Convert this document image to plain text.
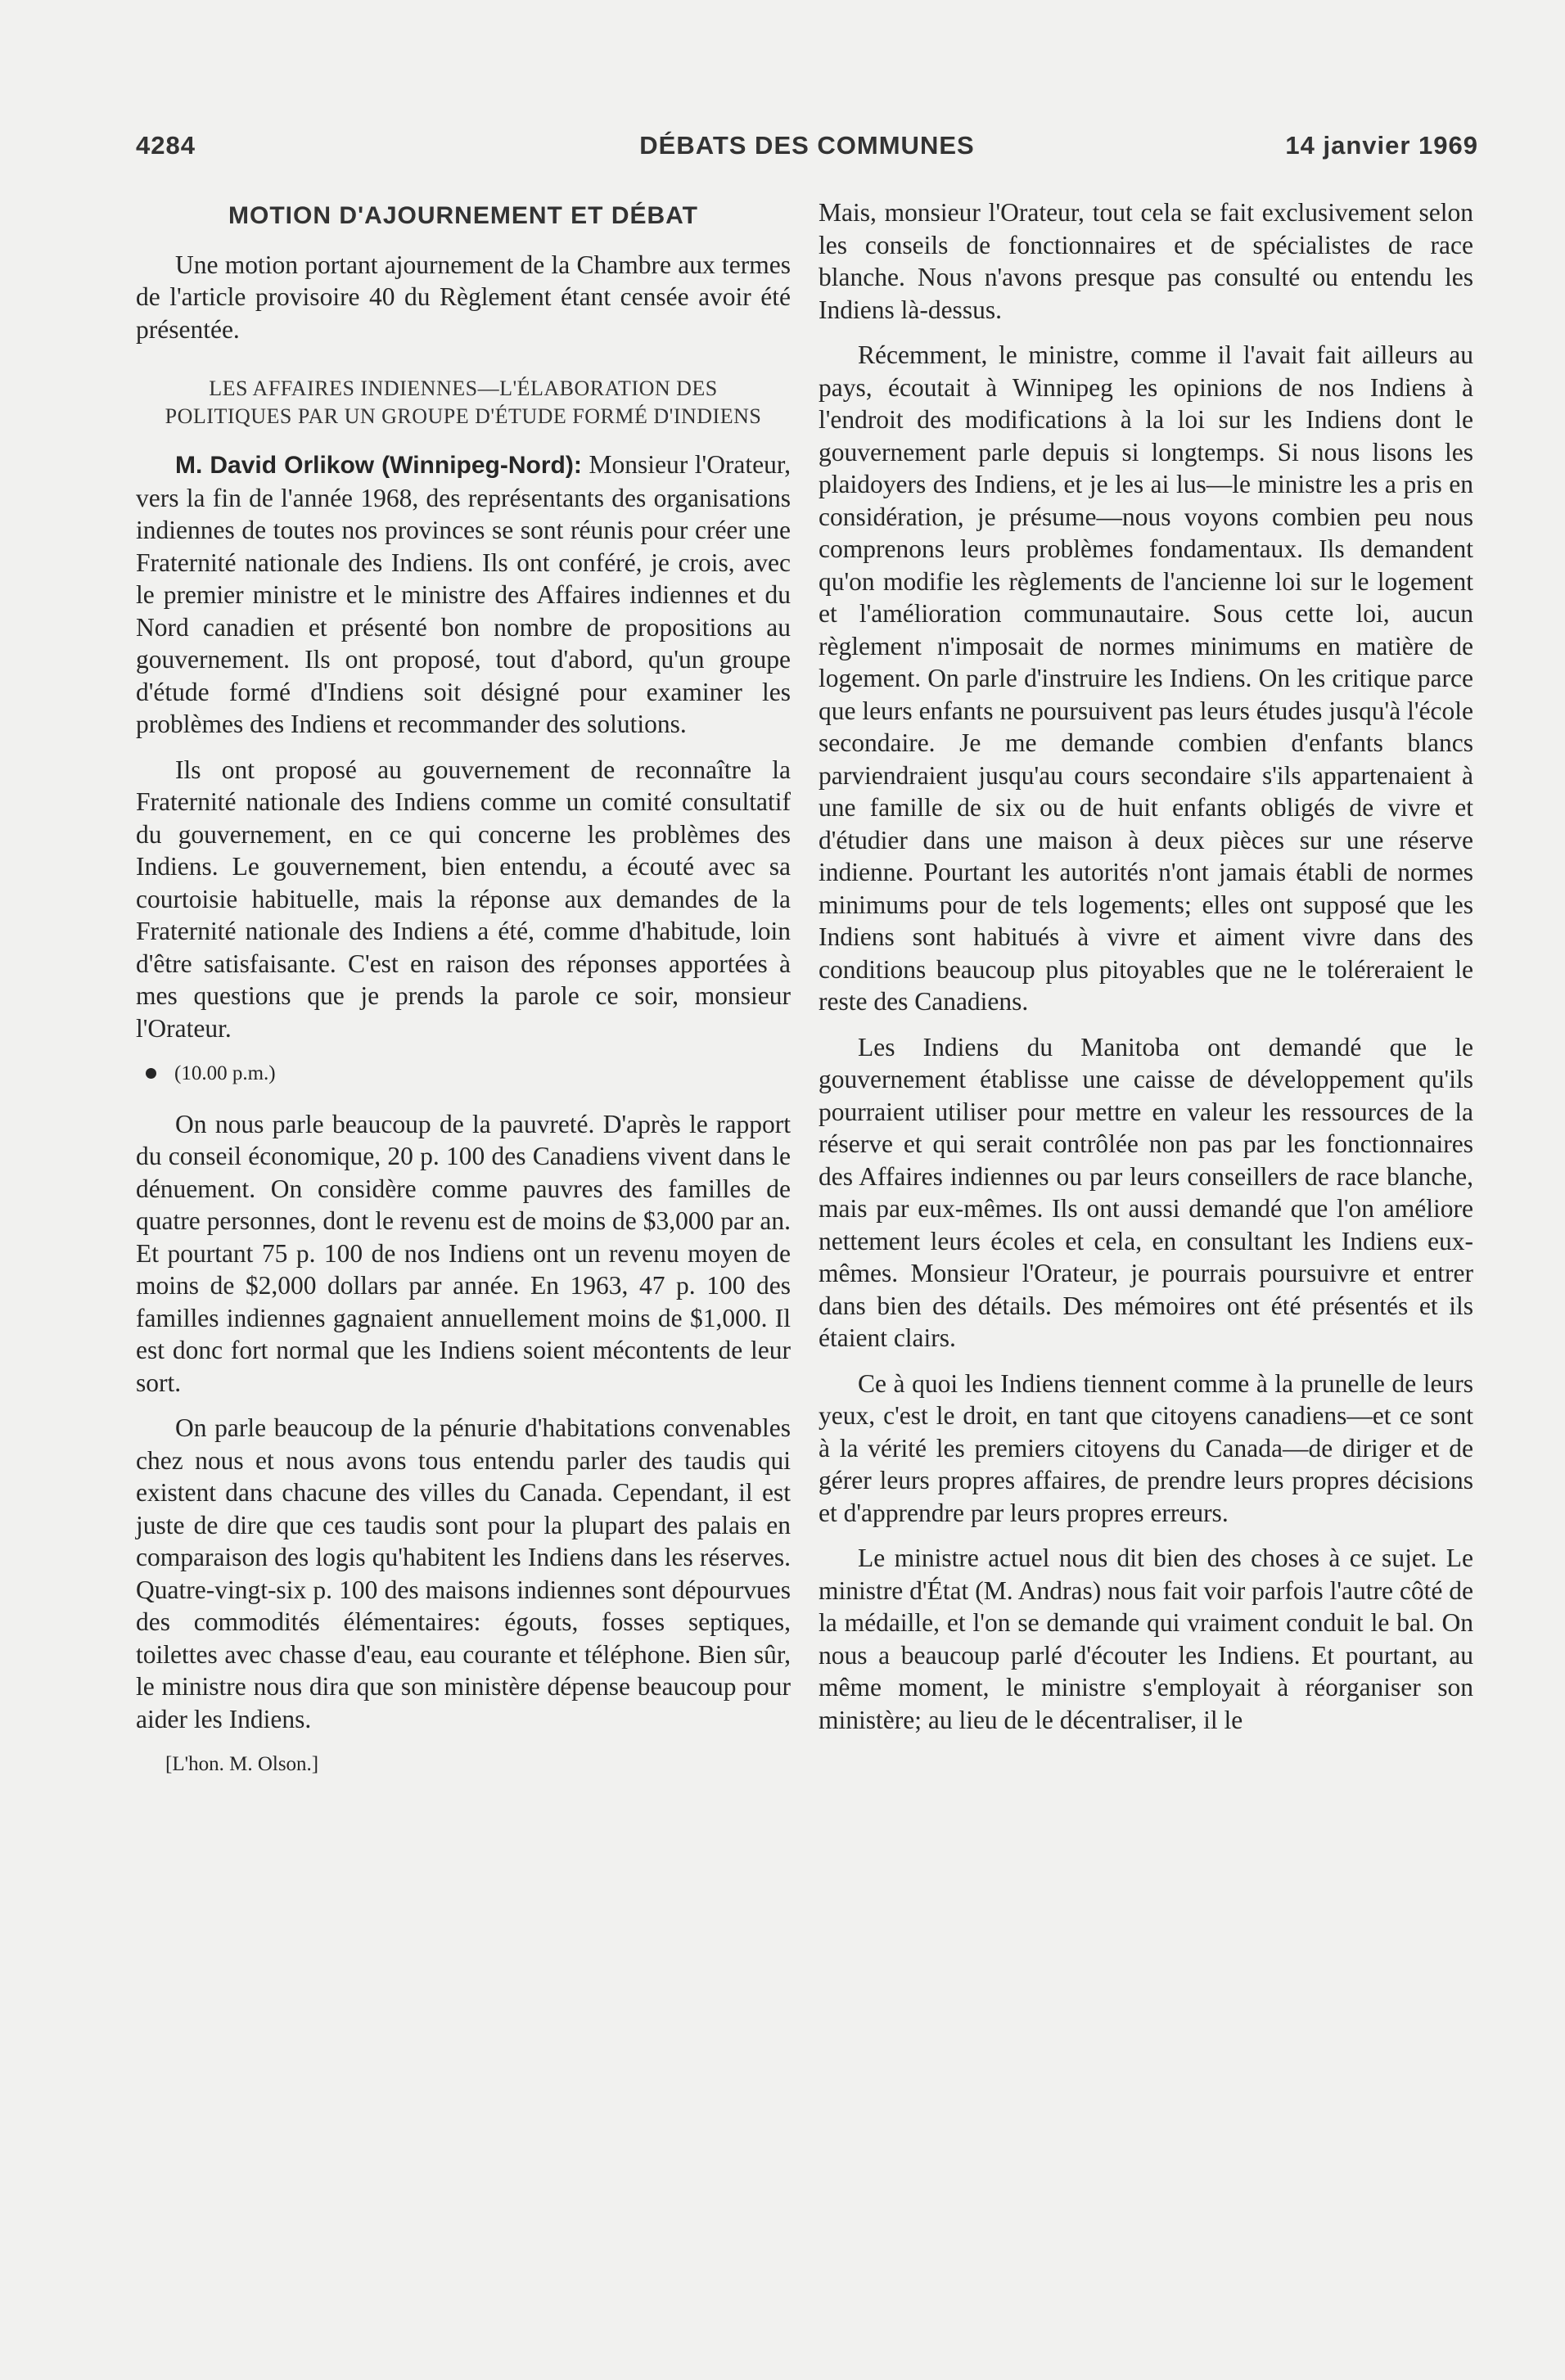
4284	DÉBATS DES COMMUNES	14 janvier 1969
MOTION D'AJOURNEMENT ET DÉBAT

Une motion portant ajournement de la Chambre aux termes de l'article provisoire 40 du Règlement étant censée avoir été présentée.

LES AFFAIRES INDIENNES—L'ÉLABORATION DES POLITIQUES PAR UN GROUPE D'ÉTUDE FORMÉ D'INDIENS

M. David Orlikow (Winnipeg-Nord): Monsieur l'Orateur, vers la fin de l'année 1968, des représentants des organisations indiennes de toutes nos provinces se sont réunis pour créer une Fraternité nationale des Indiens. Ils ont conféré, je crois, avec le premier ministre et le ministre des Affaires indiennes et du Nord canadien et présenté bon nombre de propositions au gouvernement. Ils ont proposé, tout d'abord, qu'un groupe d'étude formé d'Indiens soit désigné pour examiner les problèmes des Indiens et recommander des solutions.

Ils ont proposé au gouvernement de reconnaître la Fraternité nationale des Indiens comme un comité consultatif du gouvernement, en ce qui concerne les problèmes des Indiens. Le gouvernement, bien entendu, a écouté avec sa courtoisie habituelle, mais la réponse aux demandes de la Fraternité nationale des Indiens a été, comme d'habitude, loin d'être satisfaisante. C'est en raison des réponses apportées à mes questions que je prends la parole ce soir, monsieur l'Orateur.

(10.00 p.m.)

On nous parle beaucoup de la pauvreté. D'après le rapport du conseil économique, 20 p. 100 des Canadiens vivent dans le dénuement. On considère comme pauvres des familles de quatre personnes, dont le revenu est de moins de $3,000 par an. Et pourtant 75 p. 100 de nos Indiens ont un revenu moyen de moins de $2,000 dollars par année. En 1963, 47 p. 100 des familles indiennes gagnaient annuellement moins de $1,000. Il est donc fort normal que les Indiens soient mécontents de leur sort.

On parle beaucoup de la pénurie d'habitations convenables chez nous et nous avons tous entendu parler des taudis qui existent dans chacune des villes du Canada. Cependant, il est juste de dire que ces taudis sont pour la plupart des palais en comparaison des logis qu'habitent les Indiens dans les réserves. Quatre-vingt-six p. 100 des maisons indiennes sont dépourvues des commodités élémentaires: égouts, fosses septiques, toilettes avec chasse d'eau, eau courante et téléphone. Bien sûr, le ministre nous dira que son ministère dépense beaucoup pour aider les Indiens.

[L'hon. M. Olson.]

Mais, monsieur l'Orateur, tout cela se fait exclusivement selon les conseils de fonctionnaires et de spécialistes de race blanche. Nous n'avons presque pas consulté ou entendu les Indiens là-dessus.

Récemment, le ministre, comme il l'avait fait ailleurs au pays, écoutait à Winnipeg les opinions de nos Indiens à l'endroit des modifications à la loi sur les Indiens dont le gouvernement parle depuis si longtemps. Si nous lisons les plaidoyers des Indiens, et je les ai lus—le ministre les a pris en considération, je présume—nous voyons combien peu nous comprenons leurs problèmes fondamentaux. Ils demandent qu'on modifie les règlements de l'ancienne loi sur le logement et l'amélioration communautaire. Sous cette loi, aucun règlement n'imposait de normes minimums en matière de logement. On parle d'instruire les Indiens. On les critique parce que leurs enfants ne poursuivent pas leurs études jusqu'à l'école secondaire. Je me demande combien d'enfants blancs parviendraient jusqu'au cours secondaire s'ils appartenaient à une famille de six ou de huit enfants obligés de vivre et d'étudier dans une maison à deux pièces sur une réserve indienne. Pourtant les autorités n'ont jamais établi de normes minimums pour de tels logements; elles ont supposé que les Indiens sont habitués à vivre et aiment vivre dans des conditions beaucoup plus pitoyables que ne le toléreraient le reste des Canadiens.

Les Indiens du Manitoba ont demandé que le gouvernement établisse une caisse de développement qu'ils pourraient utiliser pour mettre en valeur les ressources de la réserve et qui serait contrôlée non pas par les fonctionnaires des Affaires indiennes ou par leurs conseillers de race blanche, mais par eux-mêmes. Ils ont aussi demandé que l'on améliore nettement leurs écoles et cela, en consultant les Indiens eux-mêmes. Monsieur l'Orateur, je pourrais poursuivre et entrer dans bien des détails. Des mémoires ont été présentés et ils étaient clairs.

Ce à quoi les Indiens tiennent comme à la prunelle de leurs yeux, c'est le droit, en tant que citoyens canadiens—et ce sont à la vérité les premiers citoyens du Canada—de diriger et de gérer leurs propres affaires, de prendre leurs propres décisions et d'apprendre par leurs propres erreurs.

Le ministre actuel nous dit bien des choses à ce sujet. Le ministre d'État (M. Andras) nous fait voir parfois l'autre côté de la médaille, et l'on se demande qui vraiment conduit le bal. On nous a beaucoup parlé d'écouter les Indiens. Et pourtant, au même moment, le ministre s'employait à réorganiser son ministère; au lieu de le décentraliser, il le
